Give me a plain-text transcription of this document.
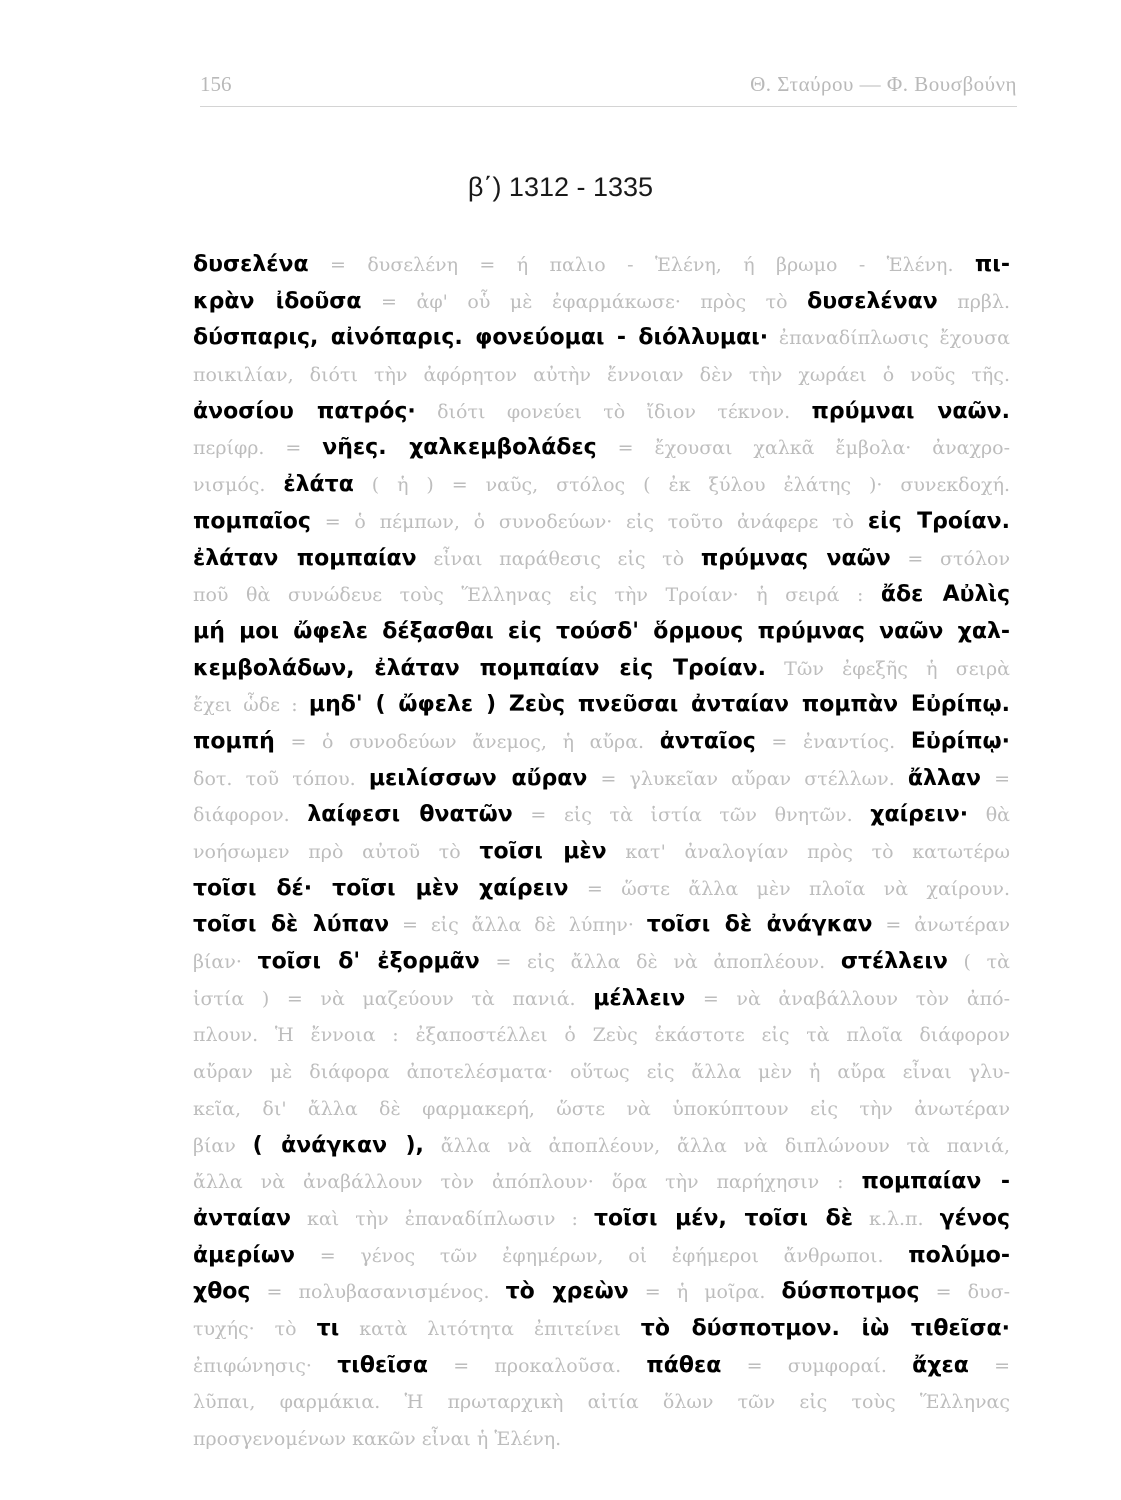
156	Θ. Σταύρου — Φ. Βουσβούνη
β΄) 1312 - 1335
δυσελένα = δυσελένη = ή παλιο - Ἑλένη, ή βρωμο - Ἑλένη. πι-
κρὰν ἰδοῦσα = ἀφ' οὗ μὲ ἐφαρμάκωσε· πρὸς τὸ δυσελέναν πρβλ.
δύσπαρις, αἰνόπαρις. φονεύομαι - διόλλυμαι· ἐπαναδίπλωσις ἔχουσα
ποικιλίαν, διότι τὴν ἀφόρητον αὐτὴν ἔννοιαν δὲν τὴν χωράει ὁ νοῦς τῆς.
ἀνοσίου πατρός· διότι φονεύει τὸ ἴδιον τέκνον. πρύμναι ναῶν.
περίφρ. = νῆες. χαλκεμβολάδες = ἔχουσαι χαλκᾶ ἔμβολα· ἀναχρο-
νισμός. ἐλάτα ( ἡ ) = ναῦς, στόλος ( ἐκ ξύλου ἐλάτης )· συνεκδοχή.
πομπαῖος = ὁ πέμπων, ὁ συνοδεύων· εἰς τοῦτο ἀνάφερε τὸ εἰς Τροίαν.
ἐλάταν πομπαίαν εἶναι παράθεσις εἰς τὸ πρύμνας ναῶν = στόλον
ποῦ θὰ συνώδευε τοὺς Ἕλληνας εἰς τὴν Τροίαν· ἡ σειρά : ἄδε Αὐλὶς
μή μοι ὤφελε δέξασθαι εἰς τούσδ' ὅρμους πρύμνας ναῶν χαλ-
κεμβολάδων, ἐλάταν πομπαίαν εἰς Τροίαν. Τῶν ἐφεξῆς ἡ σειρὰ
ἔχει ὧδε : μηδ' ( ὤφελε ) Ζεὺς πνεῦσαι ἀνταίαν πομπὰν Εὐρίπῳ.
πομπή = ὁ συνοδεύων ἄνεμος, ἡ αὔρα. ἀνταῖος = ἐναντίος. Εὐρίπῳ·
δοτ. τοῦ τόπου. μειλίσσων αὔραν = γλυκεῖαν αὔραν στέλλων. ἄλλαν =
διάφορον. λαίφεσι θνατῶν = εἰς τὰ ἱστία τῶν θνητῶν. χαίρειν· θὰ
νοήσωμεν πρὸ αὐτοῦ τὸ τοῖσι μὲν κατ' ἀναλογίαν πρὸς τὸ κατωτέρω
τοῖσι δέ· τοῖσι μὲν χαίρειν = ὥστε ἄλλα μὲν πλοῖα νὰ χαίρουν.
τοῖσι δὲ λύπαν = εἰς ἄλλα δὲ λύπην· τοῖσι δὲ ἀνάγκαν = ἀνωτέραν
βίαν· τοῖσι δ' ἐξορμᾶν = εἰς ἄλλα δὲ νὰ ἀποπλέουν. στέλλειν ( τὰ
ἱστία ) = νὰ μαζεύουν τὰ πανιά. μέλλειν = νὰ ἀναβάλλουν τὸν ἀπό-
πλουν. Ἡ ἔννοια : ἐξαποστέλλει ὁ Ζεὺς ἑκάστοτε εἰς τὰ πλοῖα διάφορον
αὔραν μὲ διάφορα ἀποτελέσματα· οὕτως εἰς ἄλλα μὲν ἡ αὔρα εἶναι γλυ-
κεῖα, δι' ἄλλα δὲ φαρμακερή, ὥστε νὰ ὑποκύπτουν εἰς τὴν ἀνωτέραν
βίαν ( ἀνάγκαν ), ἄλλα νὰ ἀποπλέουν, ἄλλα νὰ διπλώνουν τὰ πανιά,
ἄλλα νὰ ἀναβάλλουν τὸν ἀπόπλουν· ὅρα τὴν παρήχησιν : πομπαίαν -
ἀνταίαν καὶ τὴν ἐπαναδίπλωσιν : τοῖσι μέν, τοῖσι δὲ κ.λ.π. γένος
ἀμερίων = γένος τῶν ἐφημέρων, οἱ ἐφήμεροι ἄνθρωποι. πολύμο-
χθος = πολυβασανισμένος. τὸ χρεὼν = ἡ μοῖρα. δύσποτμος = δυσ-
τυχής· τὸ τι κατὰ λιτότητα ἐπιτείνει τὸ δύσποτμον. ἰὼ τιθεῖσα·
ἐπιφώνησις· τιθεῖσα = προκαλοῦσα. πάθεα = συμφοραί. ἄχεα =
λῦπαι, φαρμάκια. Ἡ πρωταρχικὴ αἰτία ὅλων τῶν εἰς τοὺς Ἕλληνας
προσγενομένων κακῶν εἶναι ἡ Ἑλένη.
